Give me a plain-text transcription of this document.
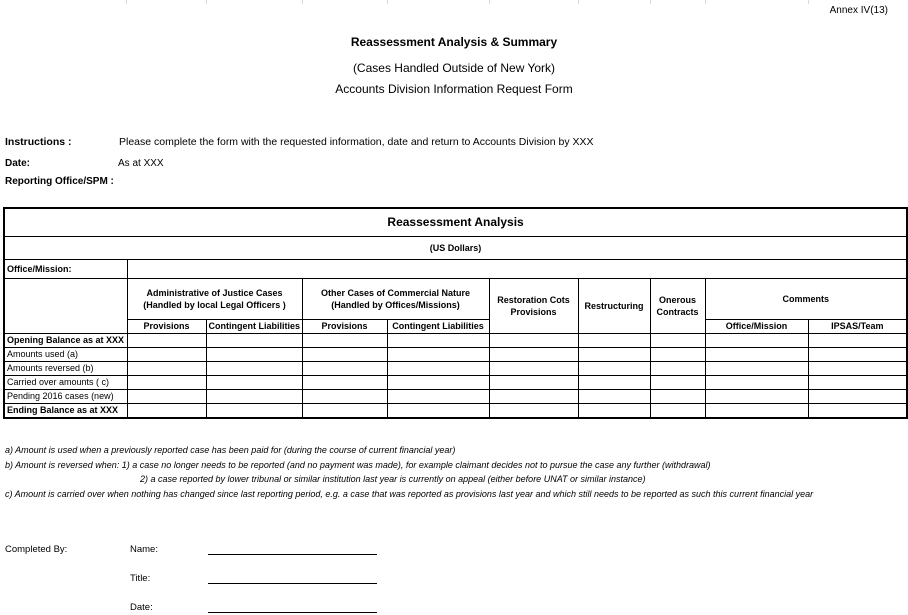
Annex IV(13)
Reassessment Analysis & Summary
(Cases Handled Outside of New York)
Accounts Division Information Request Form
Instructions :	Please complete the form with the requested information, date and return to Accounts Division by XXX
Date:	As at XXX
Reporting Office/SPM :
Reassessment Analysis									
(US Dollars)									
Office/Mission:									
	Administrative of Justice Cases (Handled by local Legal Officers )		Other Cases of Commercial Nature (Handled by Offices/Missions)		Restoration Cots Provisions	Restructuring	Onerous Contracts	Comments	
	Provisions	Contingent Liabilities	Provisions	Contingent Liabilities				Office/Mission	IPSAS/Team
Opening Balance as at XXX									
Amounts used (a)									
Amounts reversed (b)									
Carried over amounts ( c)									
Pending 2016 cases (new)									
Ending Balance as at XXX									
a) Amount is used when a previously reported case has been paid for (during the course of current financial year)
b) Amount is reversed when: 1) a case no longer needs to be reported (and no payment was made), for example claimant decides not to pursue the case any further (withdrawal)
2) a case reported by lower tribunal or similar institution last year is currently on appeal (either before UNAT or similar instance)
c) Amount is carried over when nothing has changed since last reporting period, e.g. a case that was reported as provisions last year and which still needs to be reported as such this current financial year
Completed By:	Name:
Title:
Date:
